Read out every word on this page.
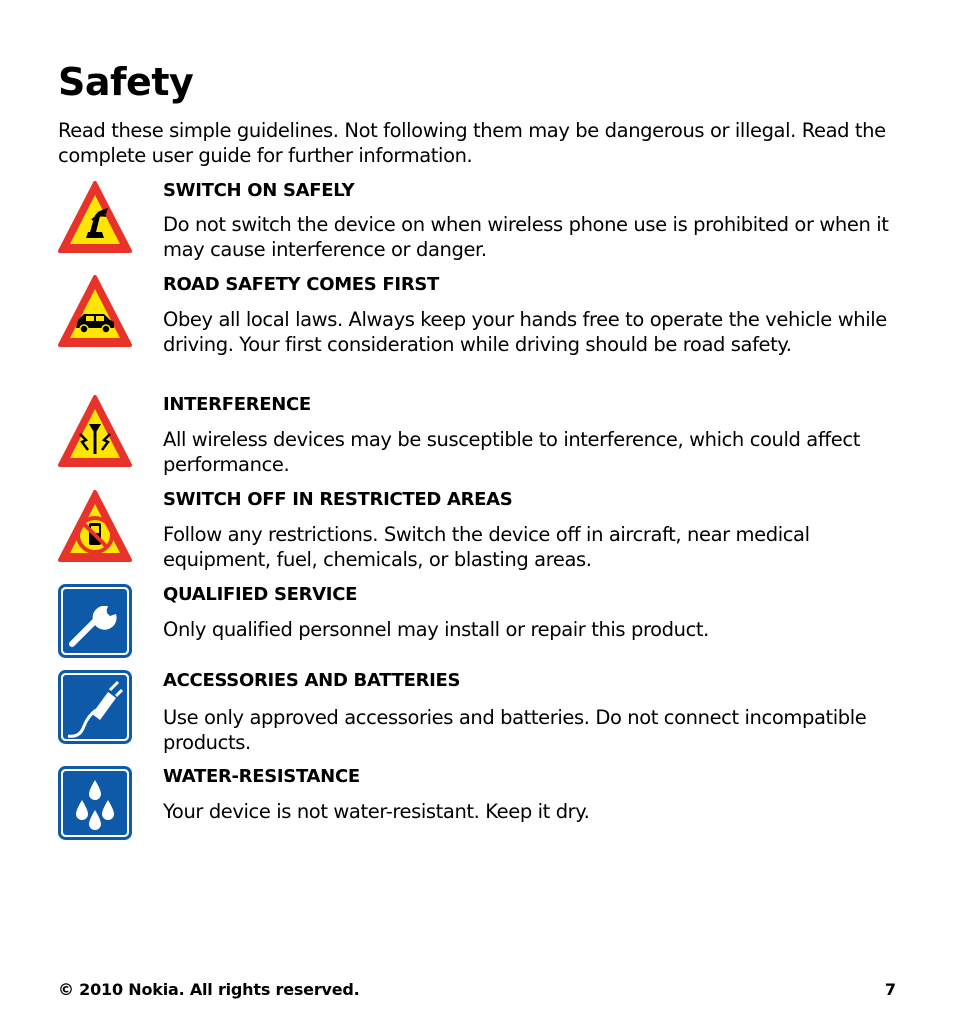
Safety

Read these simple guidelines. Not following them may be dangerous or illegal. Read the complete user guide for further information.

SWITCH ON SAFELY

Do not switch the device on when wireless phone use is prohibited or when it may cause interference or danger.

ROAD SAFETY COMES FIRST

Obey all local laws. Always keep your hands free to operate the vehicle while driving. Your first consideration while driving should be road safety.

INTERFERENCE

All wireless devices may be susceptible to interference, which could affect performance.

SWITCH OFF IN RESTRICTED AREAS

Follow any restrictions. Switch the device off in aircraft, near medical equipment, fuel, chemicals, or blasting areas.

QUALIFIED SERVICE

Only qualified personnel may install or repair this product.

ACCESSORIES AND BATTERIES

Use only approved accessories and batteries. Do not connect incompatible products.

WATER-RESISTANCE

Your device is not water-resistant. Keep it dry.

© 2010 Nokia. All rights reserved.	7
